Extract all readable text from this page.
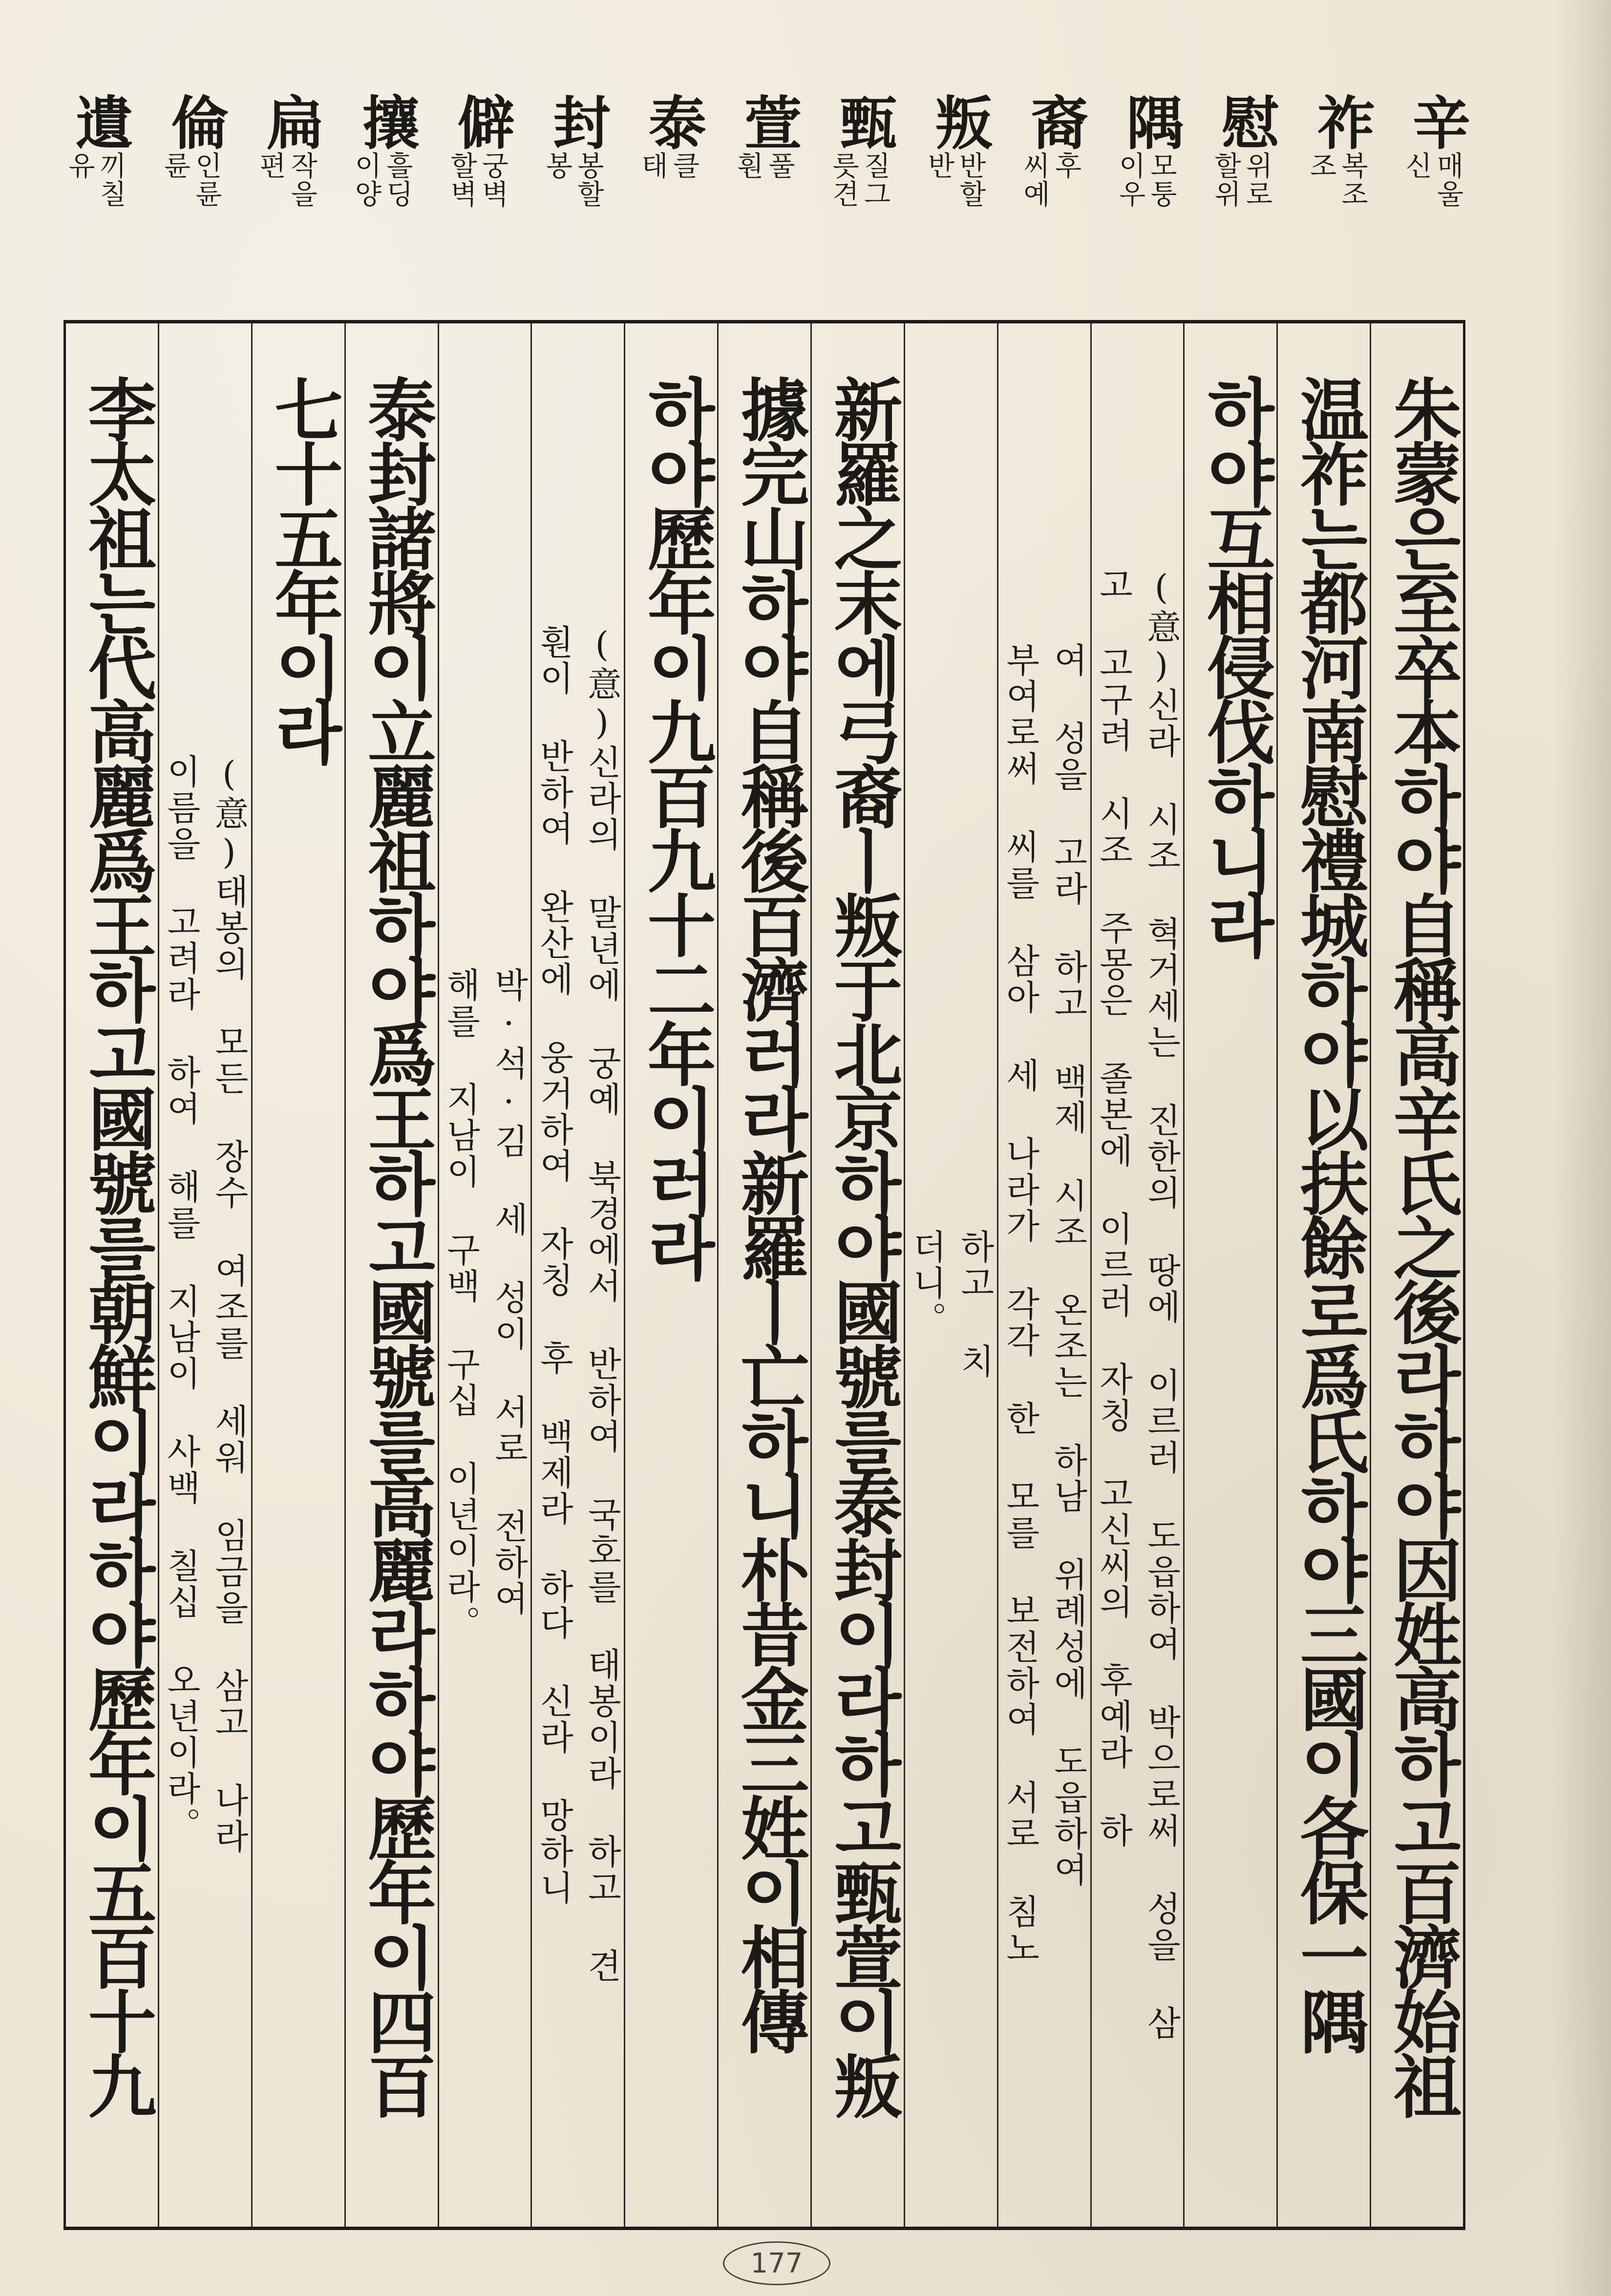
辛
매울
신
祚
복조
조
慰
위로
할위
隅
모퉁
이우
裔
후
씨예
叛
반할
반
甄
질그
릇견
萱
풀
훤
泰
클
태
封
봉할
봉
僻
궁벽
할벽
攘
흘딩
이양
扁
작을
편
倫
인륜
륜
遺
끼칠
유
朱蒙은至卒本하야自稱高辛氏之後라하야因姓高하고百濟始祖
温祚는都河南慰禮城하야以扶餘로爲氏하야三國이各保一隅
하야互相侵伐하니라
(意)신라 시조 혁거세는 진한의 땅에 이르러 도읍하여 박으로써 성을 삼
고 고구려 시조 주몽은 졸본에 이르러 자칭 고신씨의 후예라 하
여 성을 고라 하고 백제 시조 온조는 하남 위례성에 도읍하여
부여로써 씨를 삼아 세 나라가 각각 한 모를 보전하여 서로 침노
하고 치
더니。
新羅之末에弓裔ㅣ叛于北京하야國號를泰封이라하고甄萱이叛
據完山하야自稱後百濟러라新羅ㅣ亡하니朴昔金三姓이相傳
하야歷年이九百九十二年이러라
(意)신라의 말년에 궁예 북경에서 반하여 국호를 태봉이라 하고 견
훤이 반하여 완산에 웅거하여 자칭 후 백제라 하다 신라 망하니
박·석·김 세 성이 서로 전하여
해를 지남이 구백 구십 이년이라。
泰封諸將이立麗祖하야爲王하고國號를高麗라하야歷年이四百
七十五年이라
(意)태봉의 모든 장수 여조를 세워 임금을 삼고 나라
이름을 고려라 하여 해를 지남이 사백 칠십 오년이라。
李太祖는代高麗爲王하고國號를朝鮮이라하야歷年이五百十九
177
